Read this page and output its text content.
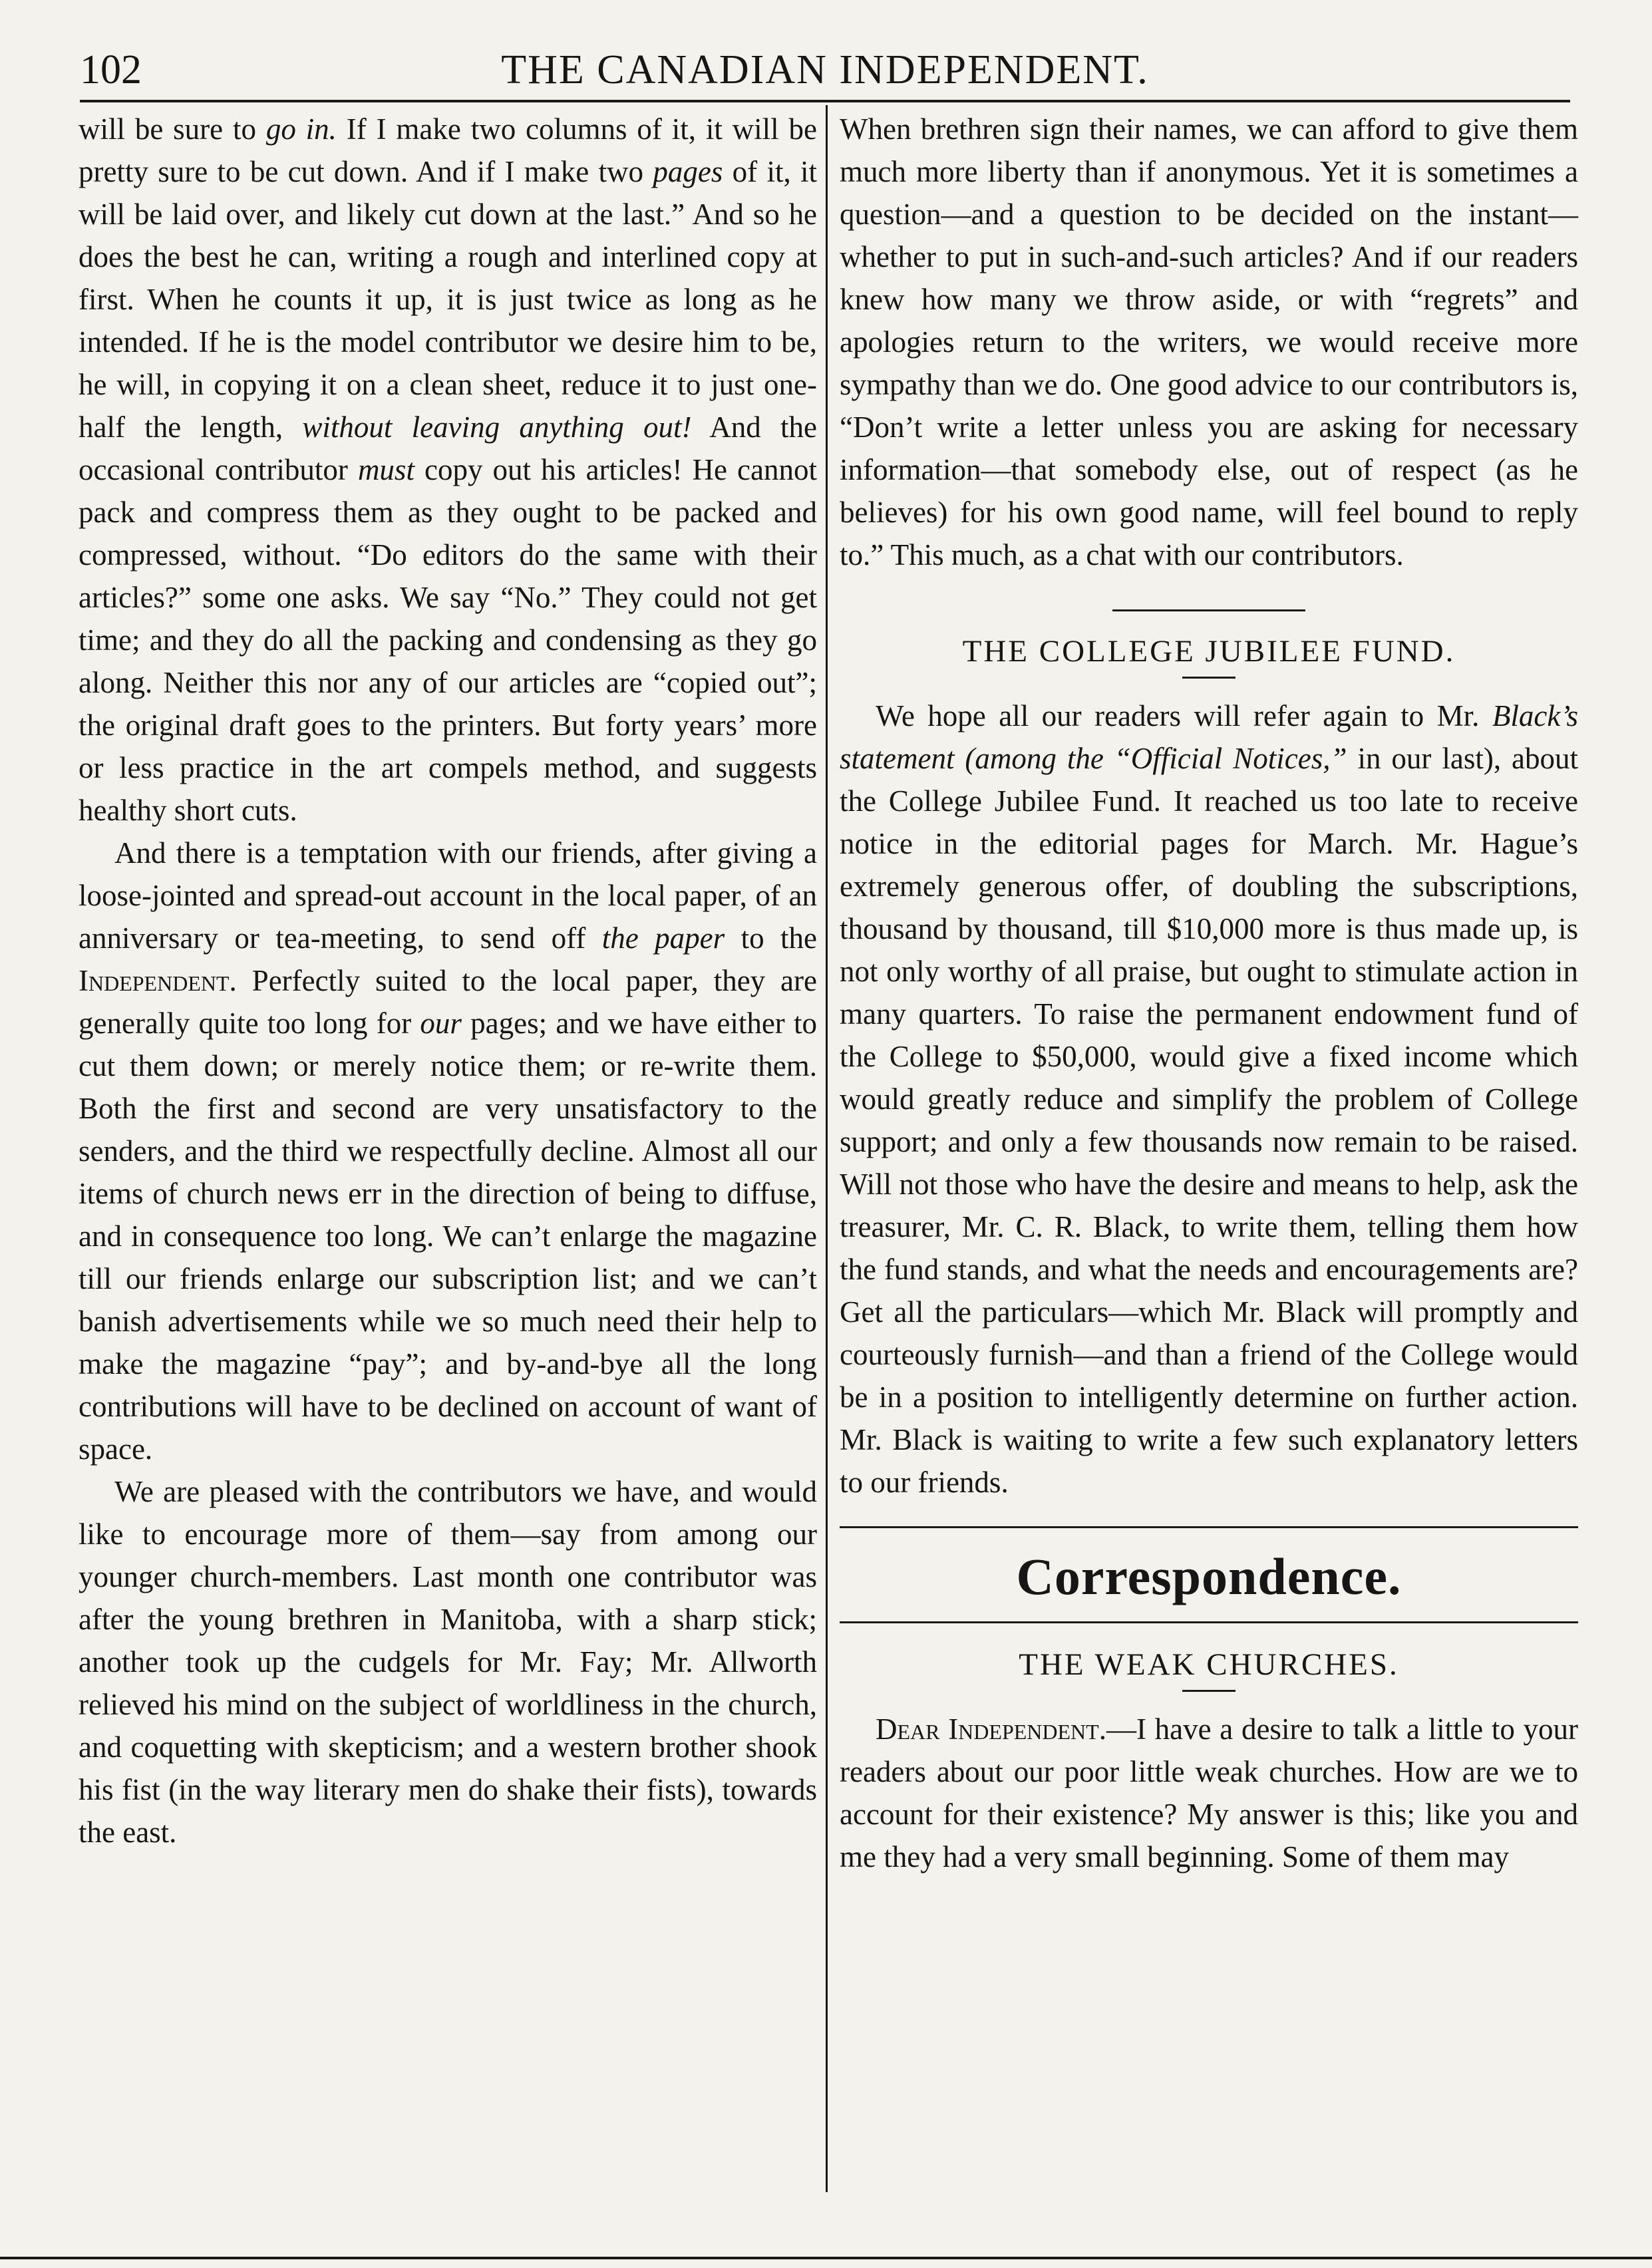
102	THE CANADIAN INDEPENDENT.

will be sure to go in. If I make two columns of it, it will be pretty sure to be cut down. And if I make two pages of it, it will be laid over, and likely cut down at the last.” And so he does the best he can, writing a rough and interlined copy at first. When he counts it up, it is just twice as long as he intended. If he is the model contributor we desire him to be, he will, in copying it on a clean sheet, reduce it to just one-half the length, without leaving anything out! And the occasional contributor must copy out his articles! He cannot pack and compress them as they ought to be packed and compressed, without. “Do editors do the same with their articles?” some one asks. We say “No.” They could not get time; and they do all the packing and condensing as they go along. Neither this nor any of our articles are “copied out”; the original draft goes to the printers. But forty years’ more or less practice in the art compels method, and suggests healthy short cuts.

And there is a temptation with our friends, after giving a loose-jointed and spread-out account in the local paper, of an anniversary or tea-meeting, to send off the paper to the Independent. Perfectly suited to the local paper, they are generally quite too long for our pages; and we have either to cut them down; or merely notice them; or re-write them. Both the first and second are very unsatisfactory to the senders, and the third we respectfully decline. Almost all our items of church news err in the direction of being to diffuse, and in consequence too long. We can’t enlarge the magazine till our friends enlarge our subscription list; and we can’t banish advertisements while we so much need their help to make the magazine “pay”; and by-and-bye all the long contributions will have to be declined on account of want of space.

We are pleased with the contributors we have, and would like to encourage more of them—say from among our younger church-members. Last month one contributor was after the young brethren in Manitoba, with a sharp stick; another took up the cudgels for Mr. Fay; Mr. Allworth relieved his mind on the subject of worldliness in the church, and coquetting with skepticism; and a western brother shook his fist (in the way literary men do shake their fists), towards the east.

When brethren sign their names, we can afford to give them much more liberty than if anonymous. Yet it is sometimes a question—and a question to be decided on the instant—whether to put in such-and-such articles? And if our readers knew how many we throw aside, or with “regrets” and apologies return to the writers, we would receive more sympathy than we do. One good advice to our contributors is, “Don’t write a letter unless you are asking for necessary information—that somebody else, out of respect (as he believes) for his own good name, will feel bound to reply to.” This much, as a chat with our contributors.

THE COLLEGE JUBILEE FUND.

We hope all our readers will refer again to Mr. Black’s statement (among the “Official Notices,” in our last), about the College Jubilee Fund. It reached us too late to receive notice in the editorial pages for March. Mr. Hague’s extremely generous offer, of doubling the subscriptions, thousand by thousand, till $10,000 more is thus made up, is not only worthy of all praise, but ought to stimulate action in many quarters. To raise the permanent endowment fund of the College to $50,000, would give a fixed income which would greatly reduce and simplify the problem of College support; and only a few thousands now remain to be raised. Will not those who have the desire and means to help, ask the treasurer, Mr. C. R. Black, to write them, telling them how the fund stands, and what the needs and encouragements are? Get all the particulars—which Mr. Black will promptly and courteously furnish—and than a friend of the College would be in a position to intelligently determine on further action. Mr. Black is waiting to write a few such explanatory letters to our friends.

Correspondence.
THE WEAK CHURCHES.

Dear Independent.—I have a desire to talk a little to your readers about our poor little weak churches. How are we to account for their existence? My answer is this; like you and me they had a very small beginning. Some of them may
